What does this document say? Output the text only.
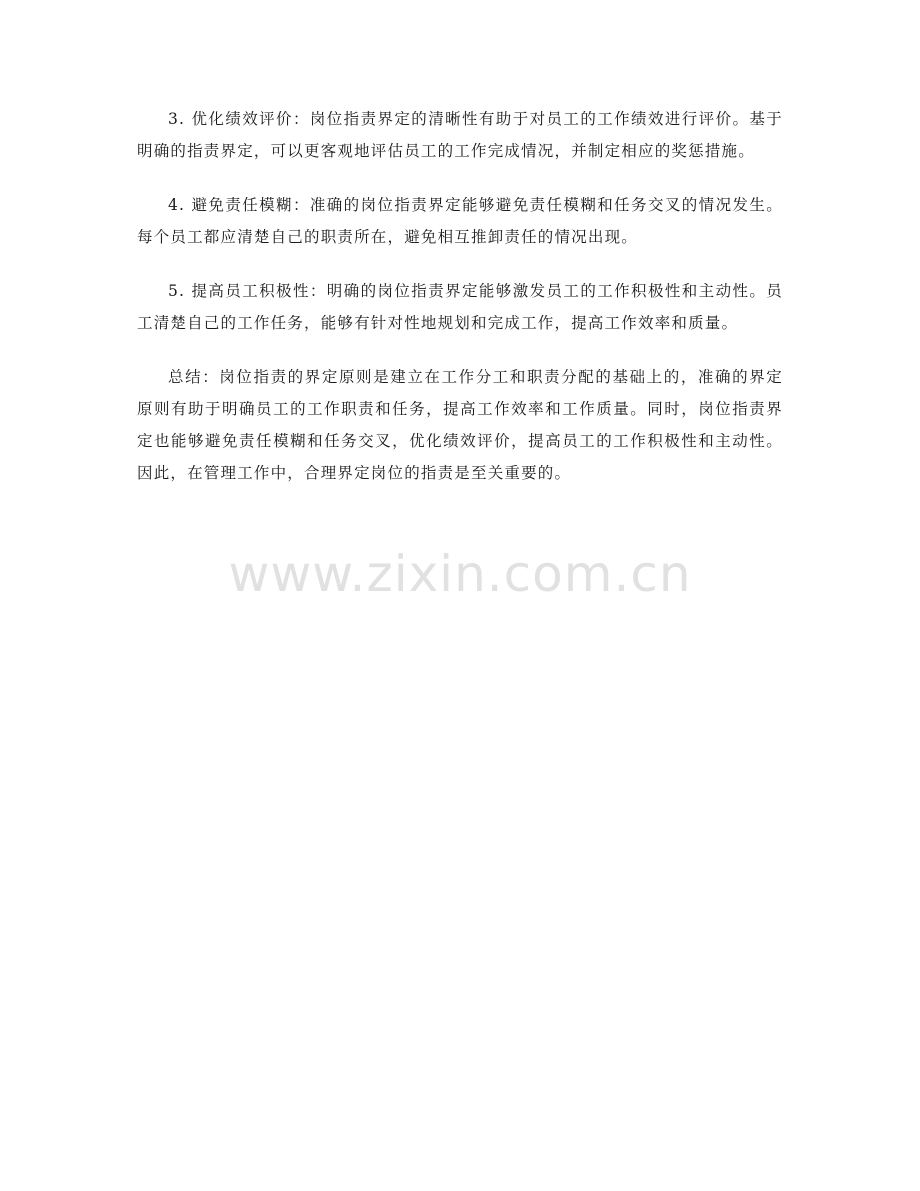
3. 优化绩效评价：岗位指责界定的清晰性有助于对员工的工作绩效进行评价。基于明确的指责界定，可以更客观地评估员工的工作完成情况，并制定相应的奖惩措施。

4. 避免责任模糊：准确的岗位指责界定能够避免责任模糊和任务交叉的情况发生。每个员工都应清楚自己的职责所在，避免相互推卸责任的情况出现。

5. 提高员工积极性：明确的岗位指责界定能够激发员工的工作积极性和主动性。员工清楚自己的工作任务，能够有针对性地规划和完成工作，提高工作效率和质量。

总结：岗位指责的界定原则是建立在工作分工和职责分配的基础上的，准确的界定原则有助于明确员工的工作职责和任务，提高工作效率和工作质量。同时，岗位指责界定也能够避免责任模糊和任务交叉，优化绩效评价，提高员工的工作积极性和主动性。因此，在管理工作中，合理界定岗位的指责是至关重要的。

www.zixin.com.cn
